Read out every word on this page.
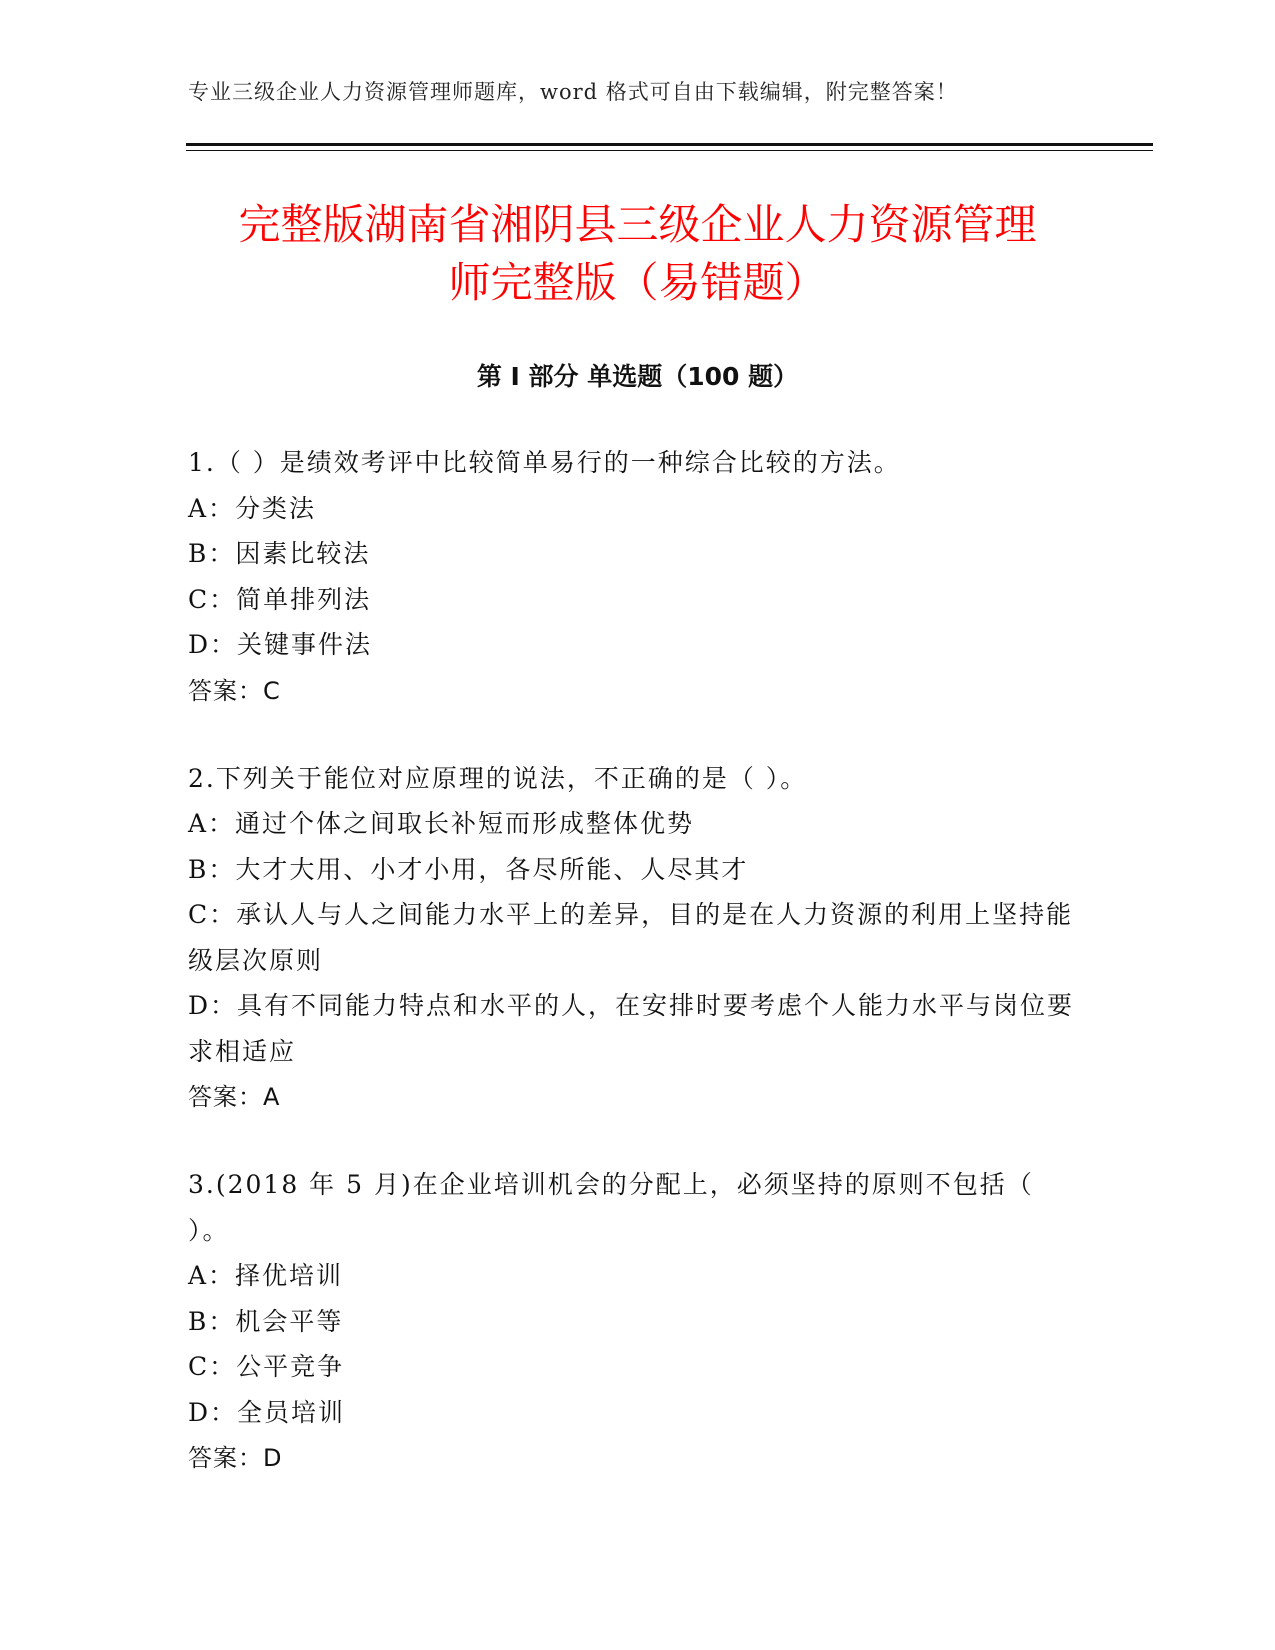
专业三级企业人力资源管理师题库，word 格式可自由下载编辑，附完整答案！
完整版湖南省湘阴县三级企业人力资源管理
师完整版（易错题）
第 I 部分 单选题（100 题）
1.（ ）是绩效考评中比较简单易行的一种综合比较的方法。
A：分类法
B：因素比较法
C：简单排列法
D：关键事件法
答案：C
2.下列关于能位对应原理的说法，不正确的是（ ）。
A：通过个体之间取长补短而形成整体优势
B：大才大用、小才小用，各尽所能、人尽其才
C：承认人与人之间能力水平上的差异，目的是在人力资源的利用上坚持能级层次原则
D：具有不同能力特点和水平的人，在安排时要考虑个人能力水平与岗位要求相适应
答案：A
3.(2018 年 5 月)在企业培训机会的分配上，必须坚持的原则不包括（ ）。
A：择优培训
B：机会平等
C：公平竞争
D：全员培训
答案：D
